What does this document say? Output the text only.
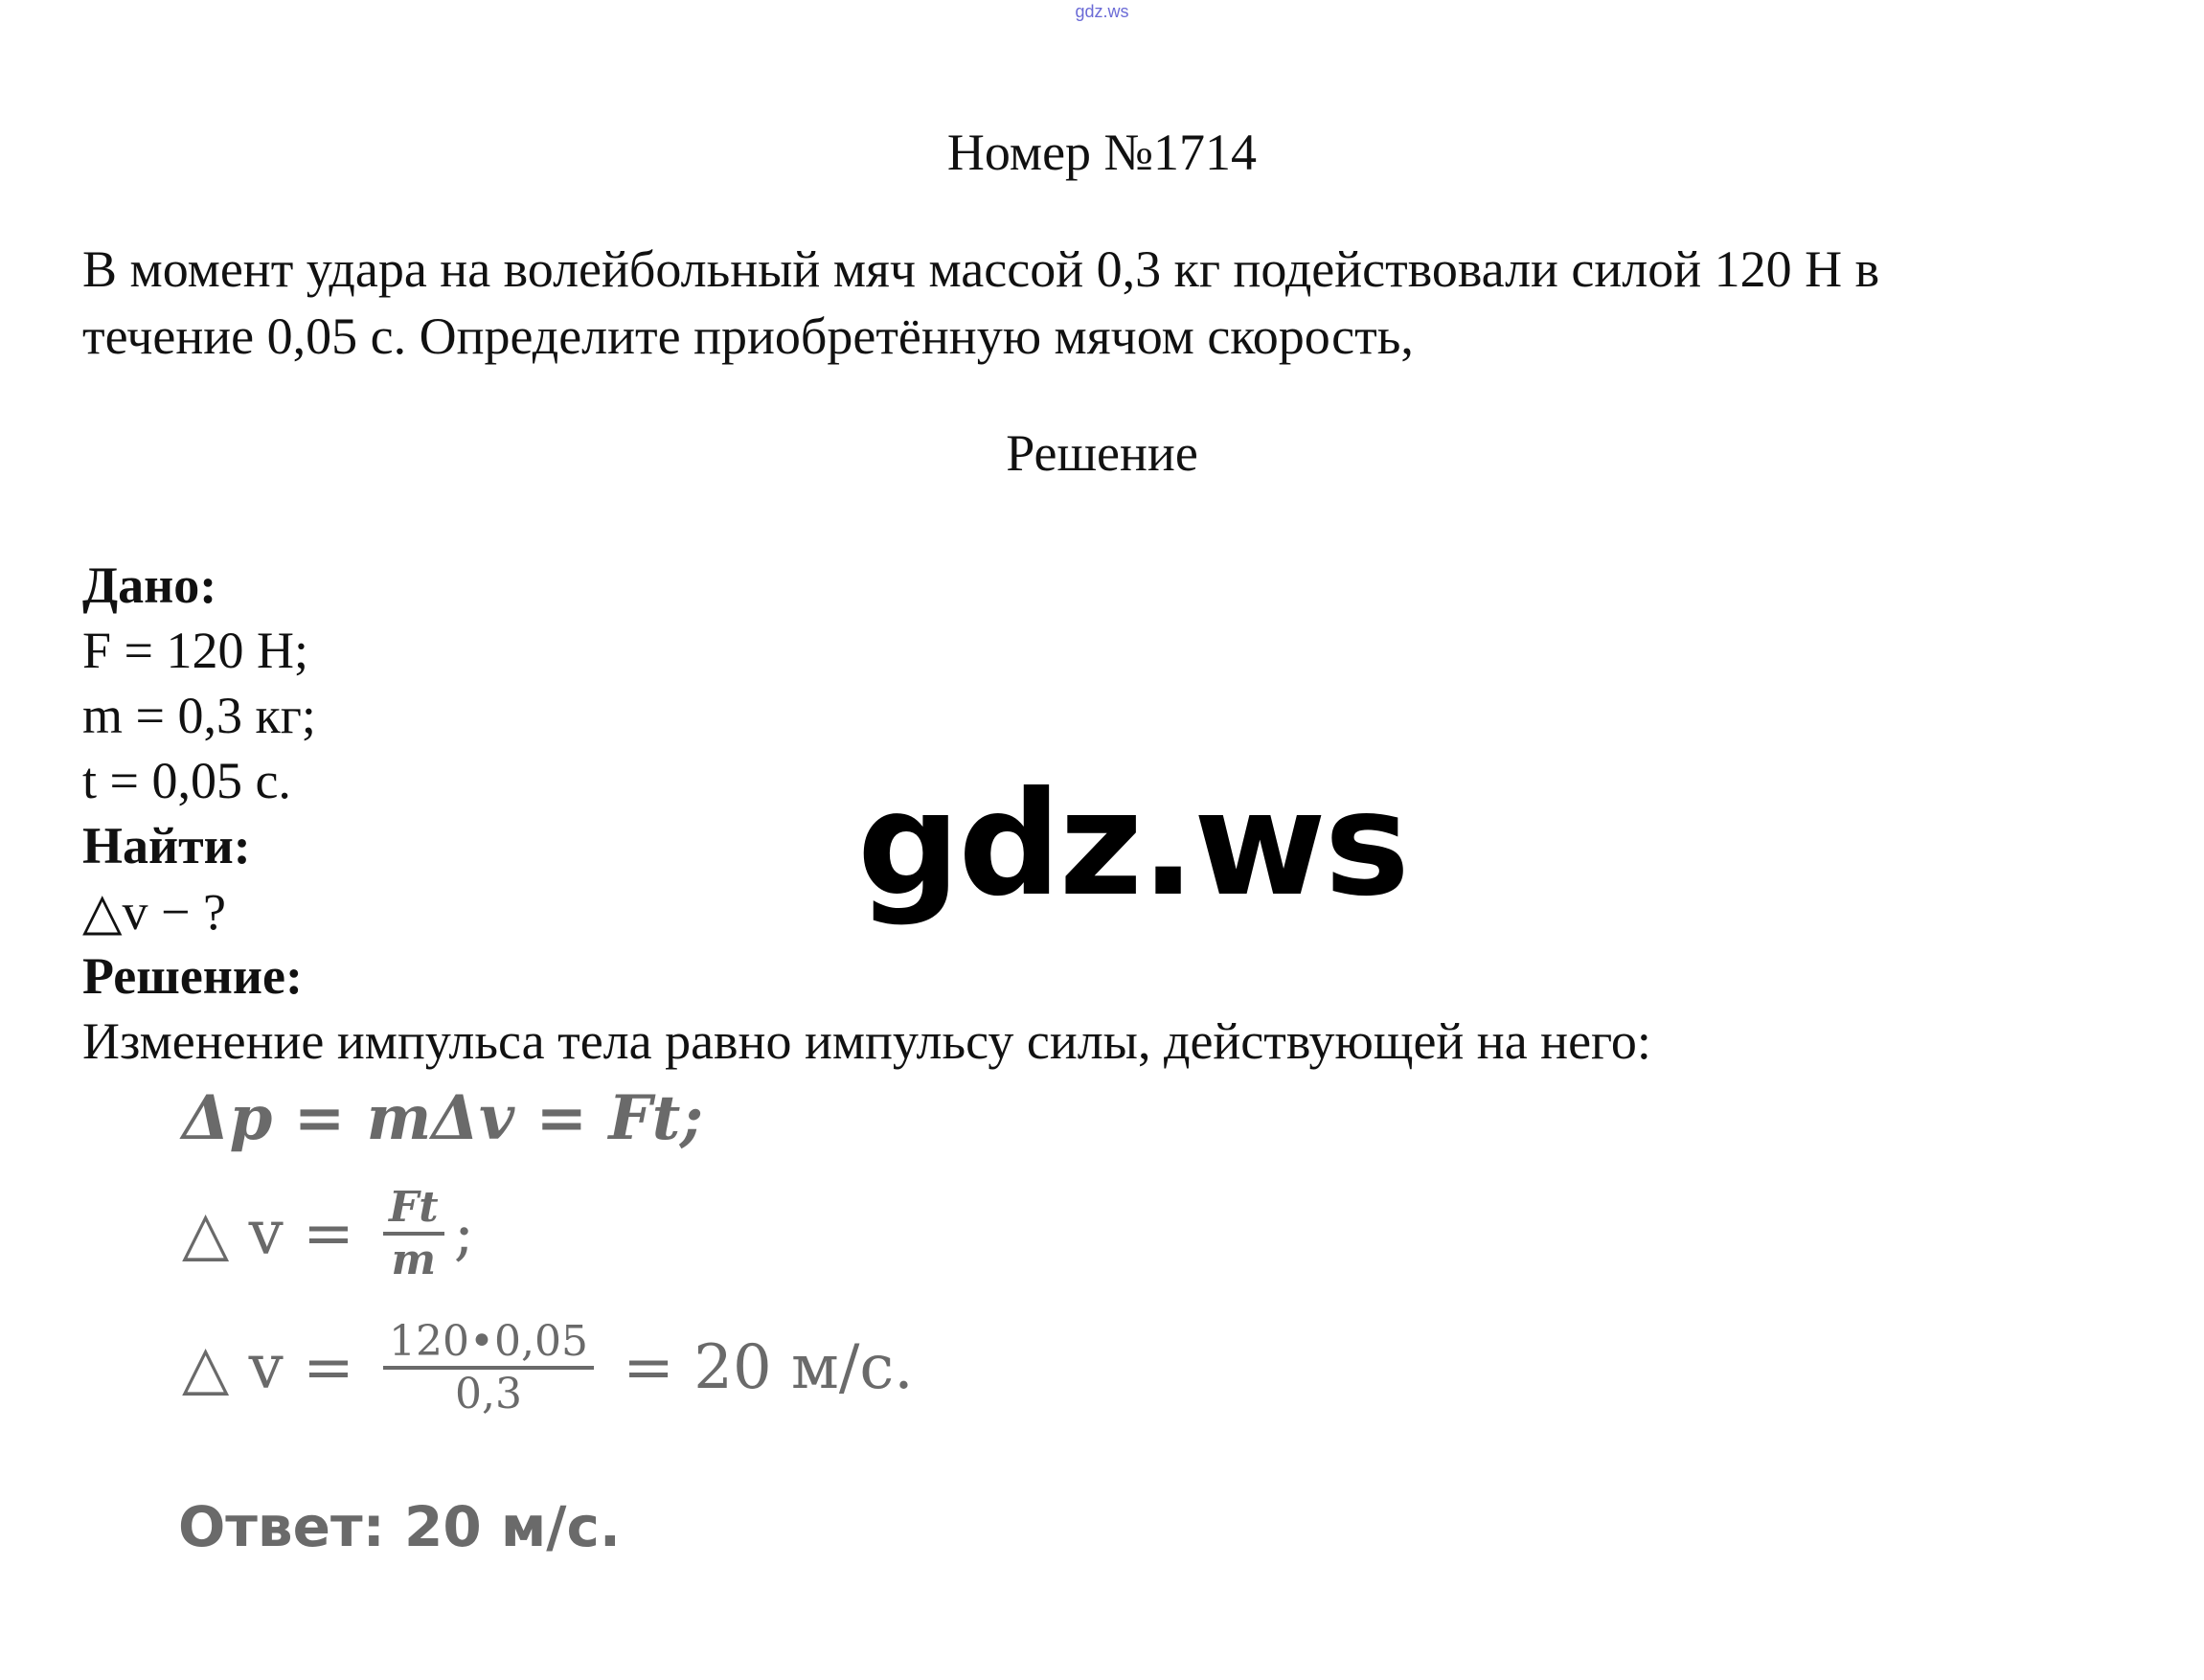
gdz.ws
Номер №1714
В момент удара на волейбольный мяч массой 0,3 кг подействовали силой 120 Н в
течение 0,05 с. Определите приобретённую мячом скорость,
Решение
Дано:
F = 120 Н;
m = 0,3 кг;
t = 0,05 с.
Найти:
△v − ?
Решение:
Изменение импульса тела равно импульсу силы, действующей на него:
Δp = mΔv = Ft;
△ $v = \frac{Ft}{m}$ ;
△ $v = \frac{120•0,05}{0,3} = 20$ м/с.
Ответ: 20 м/с.
gdz.ws
